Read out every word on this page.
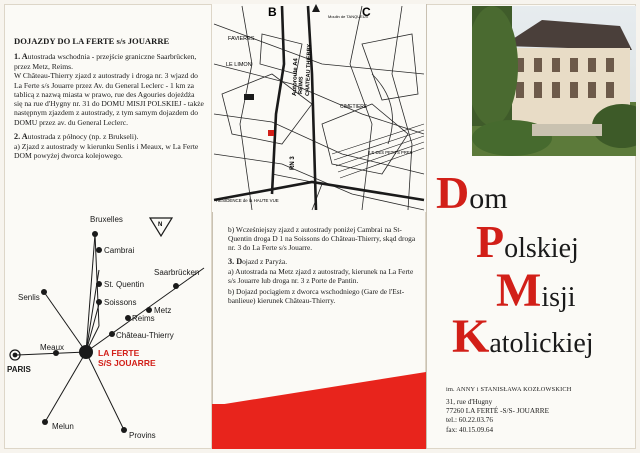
DOJAZDY DO LA FERTE s/s JOUARRE
1. Autostrada wschodnia - przejście graniczne Saarbrücken, przez Metz, Reims.
W Château-Thierry zjazd z autostrady i droga nr. 3 wjazd do La Ferte s/s Jouarre przez Av. du General Leclerc - 1 km za tablicą z nazwą miasta w prawo, rue des Agouries dojeżdża się na rue d'Hygny nr. 31 do DOMU MISJI POLSKIEJ - także następnym zjazdem z autostrady, z tym samym dojazdem do DOMU przez av. du General Leclerc.
2. Autostrada z północy (np. z Brukseli).
a) Zjazd z autostrady w kierunku Senlis i Meaux, w La Ferte DOM powyżej dworca kolejowego.
N
Bruxelles
Cambrai
St. Quentin
Soissons
Senlis
Saarbrücken
Metz
Reims
Château-Thierry
Meaux
PARIS
Melun
Provins
LA FERTE
S/S JOUARRE
B	C
FAVIERES
LE LIMON	Autoroute A4
REIMS CHATEAU THIERRY
RN 3
CIMETIERE
ILE DES PETITS PRES
RESIDENCE de la HAUTE VUE
Moulin de TANQUEUX
b) Wcześniejszy zjazd z autostrady poniżej Cambrai na St-Quentin droga D 1 na Soissons do Château-Thierry, skąd droga nr. 3 do La Ferte s/s Jouarre.
3. Dojazd z Paryża.
a) Autostrada na Metz zjazd z autostrady, kierunek na La Ferte s/s Jouarre lub droga nr. 3 z Porte de Pantin.
b) Dojazd pociągiem z dworca wschodniego (Gare de l'Est-banlieue) kierunek Château-Thierry.
Dom
Polskiej
Misji
Katolickiej
im. ANNY i STANISŁAWA KOZŁOWSKICH
31, rue d'Hugny
77260 LA FERTÉ -S/S- JOUARRE
tel.: 60.22.03.76
fax: 40.15.09.64
